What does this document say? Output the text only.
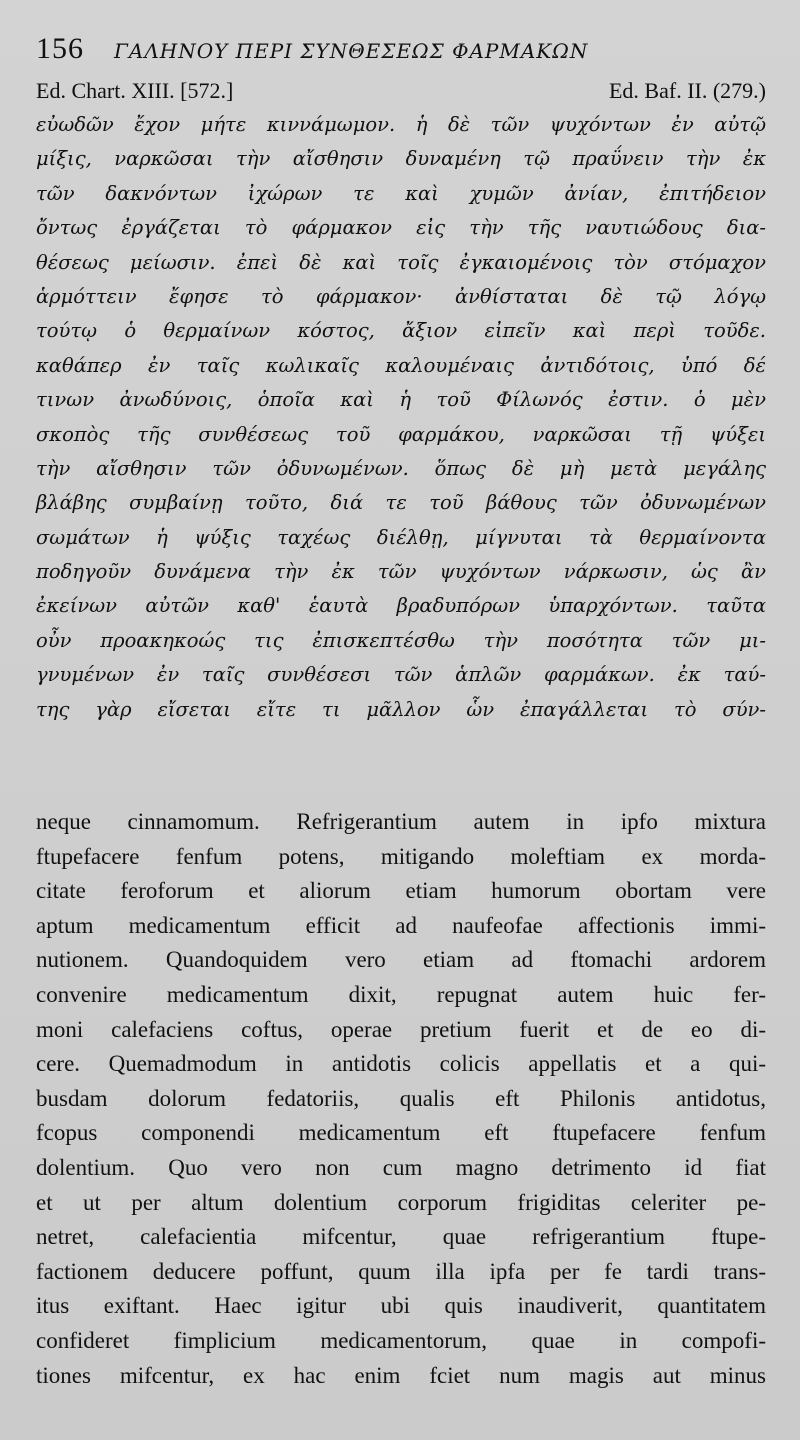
156 ΓΑΛΗΝΟΥ ΠΕΡΙ ΣΥΝΘΕΣΕΩΣ ΦΑΡΜΑΚΩΝ
Ed. Chart. XIII. [572.]	Ed. Baf. II. (279.)
εὐωδῶν ἔχον μήτε κιννάμωμον. ἡ δὲ τῶν ψυχόντων ἐν αὐτῷ
μίξις, ναρκῶσαι τὴν αἴσθησιν δυναμένη τῷ πραΰνειν τὴν ἐκ
τῶν δακνόντων ἰχώρων τε καὶ χυμῶν ἀνίαν, ἐπιτήδειον
ὄντως ἐργάζεται τὸ φάρμακον εἰς τὴν τῆς ναυτιώδους δια-
θέσεως μείωσιν. ἐπεὶ δὲ καὶ τοῖς ἐγκαιομένοις τὸν στόμαχον
ἁρμόττειν ἔφησε τὸ φάρμακον· ἀνθίσταται δὲ τῷ λόγῳ
τούτῳ ὁ θερμαίνων κόστος, ἄξιον εἰπεῖν καὶ περὶ τοῦδε.
καθάπερ ἐν ταῖς κωλικαῖς καλουμέναις ἀντιδότοις, ὑπό δέ
τινων ἀνωδύνοις, ὁποῖα καὶ ἡ τοῦ Φίλωνός ἐστιν. ὁ μὲν
σκοπὸς τῆς συνθέσεως τοῦ φαρμάκου, ναρκῶσαι τῇ ψύξει
τὴν αἴσθησιν τῶν ὀδυνωμένων. ὅπως δὲ μὴ μετὰ μεγάλης
βλάβης συμβαίνῃ τοῦτο, διά τε τοῦ βάθους τῶν ὀδυνωμένων
σωμάτων ἡ ψύξις ταχέως διέλθῃ, μίγνυται τὰ θερμαίνοντα
ποδηγοῦν δυνάμενα τὴν ἐκ τῶν ψυχόντων νάρκωσιν, ὡς ἂν
ἐκείνων αὐτῶν καθ' ἑαυτὰ βραδυπόρων ὑπαρχόντων. ταῦτα
οὖν προακηκοώς τις ἐπισκεπτέσθω τὴν ποσότητα τῶν μι-
γνυμένων ἐν ταῖς συνθέσεσι τῶν ἁπλῶν φαρμάκων. ἐκ ταύ-
της γὰρ εἴσεται εἴτε τι μᾶλλον ὧν ἐπαγάλλεται τὸ σύν-
neque cinnamomum. Refrigerantium autem in ipfo mixtura
ftupefacere fenfum potens, mitigando moleftiam ex morda-
citate feroforum et aliorum etiam humorum obortam vere
aptum medicamentum efficit ad naufeofae affectionis immi-
nutionem. Quandoquidem vero etiam ad ftomachi ardorem
convenire medicamentum dixit, repugnat autem huic fer-
moni calefaciens coftus, operae pretium fuerit et de eo di-
cere. Quemadmodum in antidotis colicis appellatis et a qui-
busdam dolorum fedatoriis, qualis eft Philonis antidotus,
fcopus componendi medicamentum eft ftupefacere fenfum
dolentium. Quo vero non cum magno detrimento id fiat
et ut per altum dolentium corporum frigiditas celeriter pe-
netret, calefacientia mifcentur, quae refrigerantium ftupe-
factionem deducere poffunt, quum illa ipfa per fe tardi trans-
itus exiftant. Haec igitur ubi quis inaudiverit, quantitatem
confideret fimplicium medicamentorum, quae in compofi-
tiones mifcentur, ex hac enim fciet num magis aut minus
